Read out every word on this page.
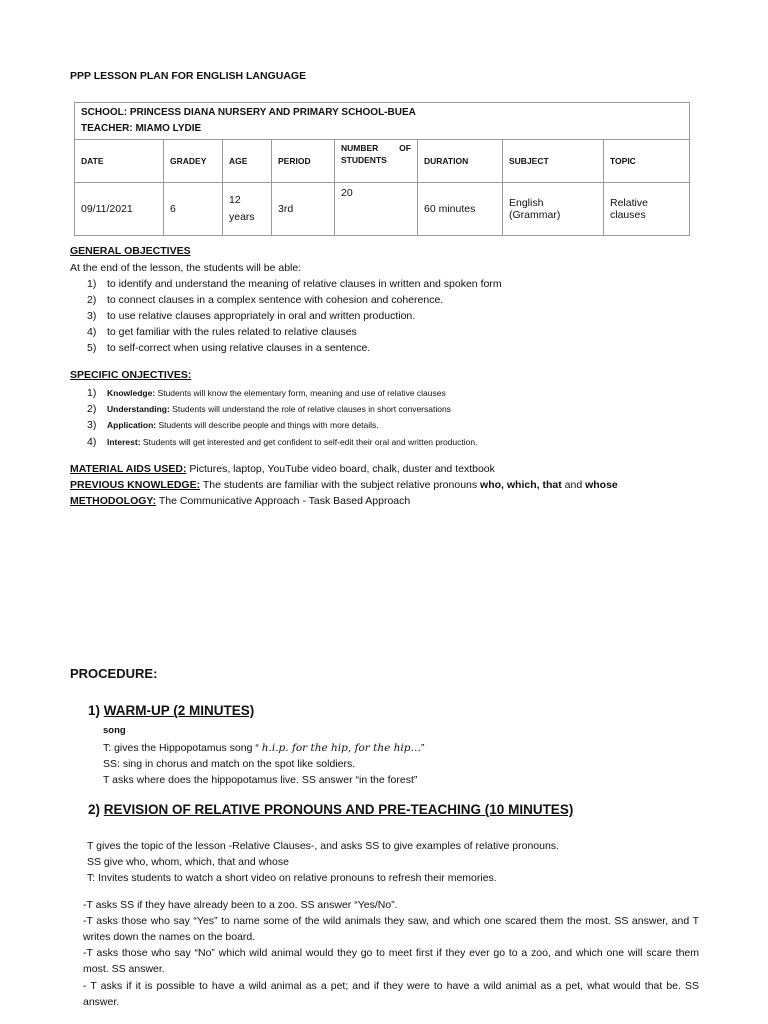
PPP LESSON PLAN FOR ENGLISH LANGUAGE
SCHOOL: PRINCESS DIANA NURSERY AND PRIMARY SCHOOL-BUEA
TEACHER: MIAMO LYDIE							

DATE	GRADEY	AGE	PERIOD	NUMBER OF STUDENTS	DURATION	SUBJECT	TOPIC
09/11/2021	6	12 years	3rd	20	60 minutes	English (Grammar)	Relative clauses
GENERAL OBJECTIVES
At the end of the lesson, the students will be able:
1)	to identify and understand the meaning of relative clauses in written and spoken form
2)	to connect clauses in a complex sentence with cohesion and coherence.
3)	to use relative clauses appropriately in oral and written production.
4)	to get familiar with the rules related to relative clauses
5)	to self-correct when using relative clauses in a sentence.
SPECIFIC ONJECTIVES:
1)	Knowledge: Students will know the elementary form, meaning and use of relative clauses
2)	Understanding: Students will understand the role of relative clauses in short conversations
3)	Application: Students will describe people and things with more details.
4)	Interest: Students will get interested and get confident to self-edit their oral and written production.
MATERIAL AIDS USED: Pictures, laptop, YouTube video board, chalk, duster and textbook
PREVIOUS KNOWLEDGE: The students are familiar with the subject relative pronouns who, which, that and whose
METHODOLOGY: The Communicative Approach - Task Based Approach
PROCEDURE:
1) WARM-UP (2 MINUTES)
song
T: gives the Hippopotamus song “ h.i.p. for the hip, for the hip…”
SS: sing in chorus and match on the spot like soldiers.
T asks where does the hippopotamus live. SS answer “in the forest”
2) REVISION OF RELATIVE PRONOUNS AND PRE-TEACHING (10 MINUTES)
T gives the topic of the lesson -Relative Clauses-, and asks SS to give examples of relative pronouns.
SS give who, whom, which, that and whose
T: Invites students to watch a short video on relative pronouns to refresh their memories.
-T asks SS if they have already been to a zoo. SS answer “Yes/No”.
-T asks those who say “Yes” to name some of the wild animals they saw, and which one scared them the most. SS answer, and T writes down the names on the board.
-T asks those who say “No” which wild animal would they go to meet first if they ever go to a zoo, and which one will scare them most. SS answer.
- T asks if it is possible to have a wild animal as a pet; and if they were to have a wild animal as a pet, what would that be. SS answer.
